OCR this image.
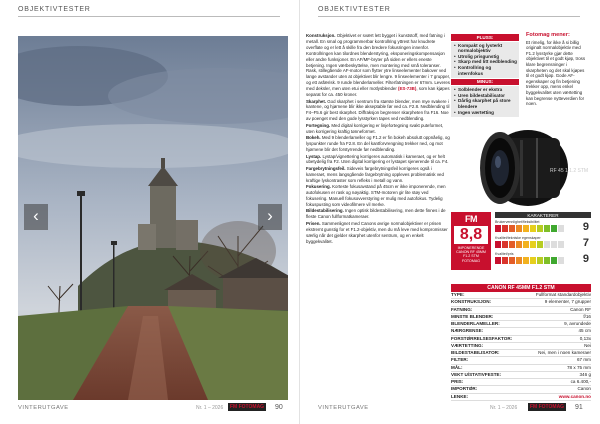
OBJEKTIVTESTER
‹	›
VINTERUTGAVE	Nr. 1 – 2026	FM FOTOMAG 90
OBJEKTIVTESTER

Konstruksjon. Objektivet er svært lett bygget i kunststoff, med fatning i metall. En smal og programmerbar kontrollring yttrest har knudrete overflate og er lett å skille fra den bredere fokusringen innenfor. Kontrollringen kan tilordnes blenderstyring, eksponeringskompensasjon eller andre funksjoner. En AF/MF-bryter på siden er ellers eneste betjening. Ingen værbeskyttelse, men montering med små toleranser. Rask, stillegående AF-motor som flytter ytre linseelementer bakover ved lange avstander uten at objektivet blir lengre. 9 linseelementer i 7 grupper, og ett asfærisk. 9 runde blenderlameller. Filterfatningen er 67mm. Leveres med deksler, men uten etui eller motlysblender (ES-73B), som kan kjøpes separat for ca. 450 kroner.

Skarphet. God skarphet i sentrum fra største blender, men mye svakere i kantene, og hjørnene blir ikke akseptable før ved ca. F2.8. Nedblending til F4–F5.6 gir best skarphet. Diffraksjon begrenser skarpheten fra F16. Noe av poenget med den gode lysstyrken tapes ved nedblending.

Fortegning. Med digital korrigering er linjefortegning svakt puteformet, uten korrigering kraftig tønneformet.

Bokeh. Med 9 blenderlameller og F1.2 er fin bokeh absolutt oppnåelig, og lyspunkter runde fra F2.8. En del kantforvrengning trekker ned, og mot hjørnene blir det forstyrrende før nedblending.

Lystap. Lystap/vignettering korrigeres automatisk i kameraet, og er helt ubetydelig fra F2. Uten digital korrigering er lystapet sjenerende til ca. F4.

Fargebrytningsfeil. Sideveis fargebrytningsfeil korrigeres også i kameraet, mens langsgående fargebrytning oppleves problematisk ved kraftige lyskontraster som refleks i metall og vann.

Fokusering. Korteste fokusavstand på 45cm er ikke imponerende, men autofokusen er rask og nøyaktig. STM-motoren gir lite støy ved fokusering. Manuell fokusovverstyring er mulig med autofokus. Tydelig fokuspusting som videofilmere vil merke.

Bildestabilisering. Ingen optisk bildestabilisering, men dette finnes i de fleste Canon fullformatkameraer.

Prisen. Sammenlignet med Canons øvrige normalobjektiver er prisen ekstremt gunstig for et F1.2-objektiv, men du må leve med kompromisser særlig når det gjelder skarphet utenfor sentrum, og en enkelt byggekvalitet.

PLUSS:
• Kompakt og lysterkt normalobjektiv
• Utrolig prisgunstig
• Skarp med litt nedblending
• Kontrollring og internfokus
MINUS:
• Solblender er ekstra
• Uren bildestabilisator
• Dårlig skarphet på store blendere
• Ingen værtetting
Fotomag mener:

Et rimelig, for ikke å si billig originalt normalobjektiv med F1.2 lysstyrke gjør dette objektivet til et godt kjøp, tross klare begrensninger i skarpheten og det skal kjøpes til et godt kjøp. Gode AF-egenskaper og fin betjening trekker opp, mens enkel byggekvalitet uten værtetting kan begrense nytteverdien for noen.

RF 45 1:1.2 STM
FM
8,8
IMPONERENDE
CANON RF 45MM
F1.2 STM
FOTOMAG
KARAKTERER
Brukervennlighet/fleksibilitet	9
Kvalitet/tekniske egenskaper	7
Kvalitet/pris	9
CANON RF 45MM F1.2 STM
TYPE:	Fullformat standardobjektiv
KONSTRUKSJON:	9 elementer, 7 grupper
FATNING:	Canon RF
MINSTE BLENDER:	f/16
BLENDERLAMELLER:	9, avrundede
NÆRGRENSE:	45 cm
FORSTØRRELSESFAKTOR:	0,13x
VÆRTETTING:	Nei
BILDESTABILISATOR:	Nei, men i noen kameraer
FILTER:	67 mm
MÅL:	78 x 75 mm
VEKT U/STATIVFESTE:	346 g
PRIS:	ca 6.400,-
IMPORTØR:	Canon
LENKE:	www.canon.no
VINTERUTGAVE	Nr. 1 – 2026	FM FOTOMAG 91
